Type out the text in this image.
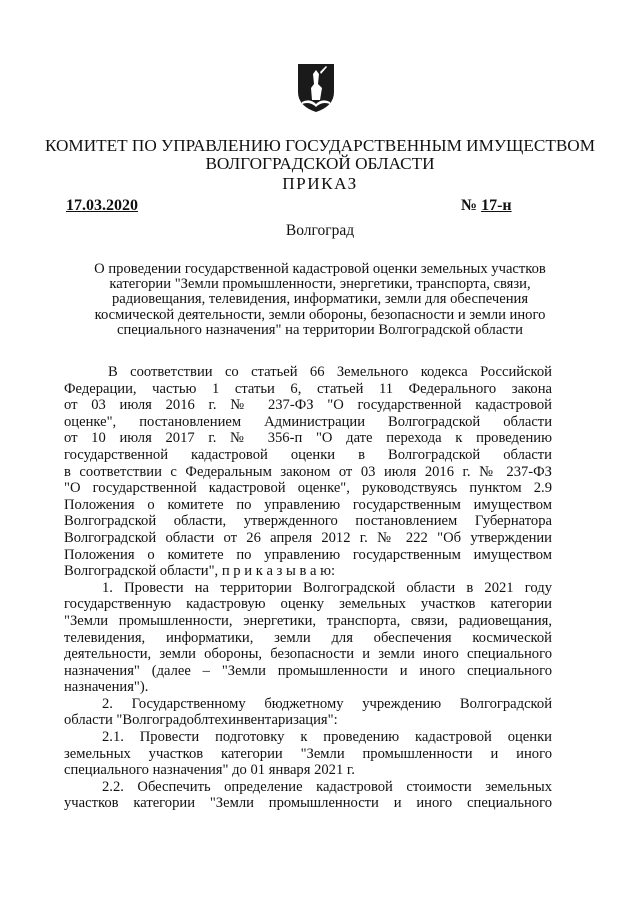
КОМИТЕТ ПО УПРАВЛЕНИЮ ГОСУДАРСТВЕННЫМ ИМУЩЕСТВОМ
ВОЛГОГРАДСКОЙ ОБЛАСТИ
ПРИКАЗ
17.03.2020	№ 17-н
Волгоград
О проведении государственной кадастровой оценки земельных участков
категории "Земли промышленности, энергетики, транспорта, связи,
радиовещания, телевидения, информатики, земли для обеспечения
космической деятельности, земли обороны, безопасности и земли иного
специального назначения" на территории Волгоградской области
В соответствии со статьей 66 Земельного кодекса Российской
Федерации, частью 1 статьи 6, статьей 11 Федерального закона
от 03 июля 2016 г. № 237-ФЗ "О государственной кадастровой
оценке", постановлением Администрации Волгоградской области
от 10 июля 2017 г. № 356-п "О дате перехода к проведению
государственной кадастровой оценки в Волгоградской области
в соответствии с Федеральным законом от 03 июля 2016 г. № 237-ФЗ
"О государственной кадастровой оценке", руководствуясь пунктом 2.9
Положения о комитете по управлению государственным имуществом
Волгоградской области, утвержденного постановлением Губернатора
Волгоградской области от 26 апреля 2012 г. № 222 "Об утверждении
Положения о комитете по управлению государственным имуществом
Волгоградской области", п р и к а з ы в а ю:
1. Провести на территории Волгоградской области в 2021 году
государственную кадастровую оценку земельных участков категории
"Земли промышленности, энергетики, транспорта, связи, радиовещания,
телевидения, информатики, земли для обеспечения космической
деятельности, земли обороны, безопасности и земли иного специального
назначения" (далее – "Земли промышленности и иного специального
назначения").
2. Государственному бюджетному учреждению Волгоградской
области "Волгоградоблтехинвентаризация":
2.1. Провести подготовку к проведению кадастровой оценки
земельных участков категории "Земли промышленности и иного
специального назначения" до 01 января 2021 г.
2.2. Обеспечить определение кадастровой стоимости земельных
участков категории "Земли промышленности и иного специального
